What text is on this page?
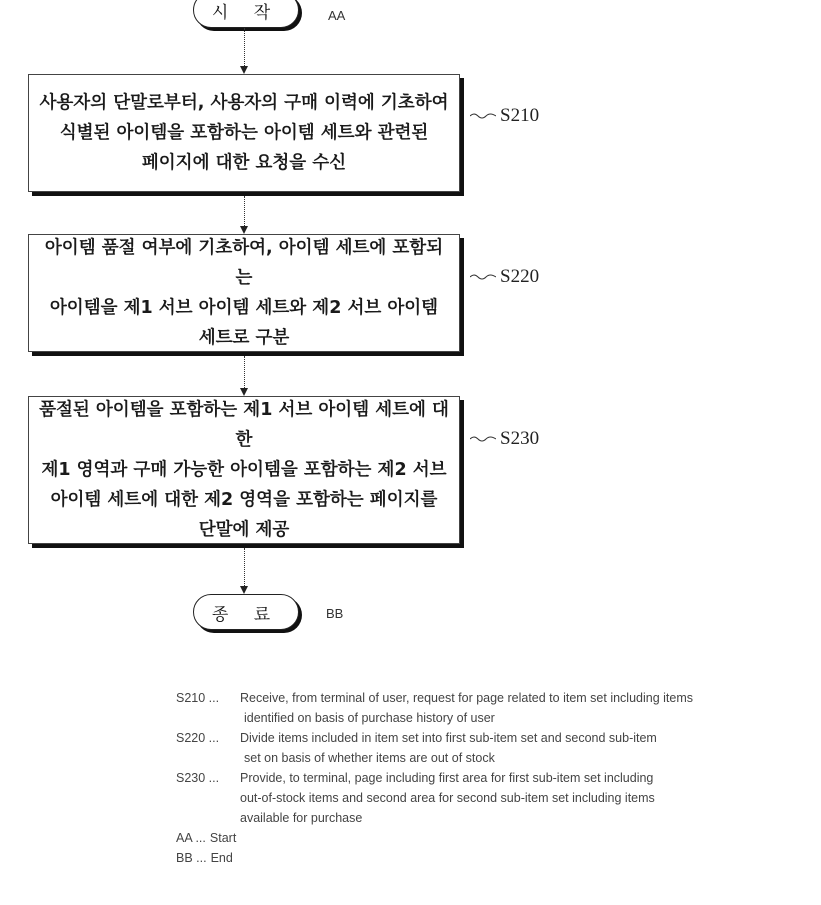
시 작	AA
사용자의 단말로부터, 사용자의 구매 이력에 기초하여
식별된 아이템을 포함하는 아이템 세트와 관련된
페이지에 대한 요청을 수신
S210
아이템 품절 여부에 기초하여, 아이템 세트에 포함되는
아이템을 제1 서브 아이템 세트와 제2 서브 아이템
세트로 구분
S220
품절된 아이템을 포함하는 제1 서브 아이템 세트에 대한
제1 영역과 구매 가능한 아이템을 포함하는 제2 서브
아이템 세트에 대한 제2 영역을 포함하는 페이지를
단말에 제공
S230
종 료	BB
S210 ...	Receive, from terminal of user, request for page related to item set including items
identified on basis of purchase history of user
S220 ...	Divide items included in item set into first sub-item set and second sub-item
set on basis of whether items are out of stock
S230 ...	Provide, to terminal, page including first area for first sub-item set including
out-of-stock items and second area for second sub-item set including items
available for purchase
AA ... Start
BB ... End
